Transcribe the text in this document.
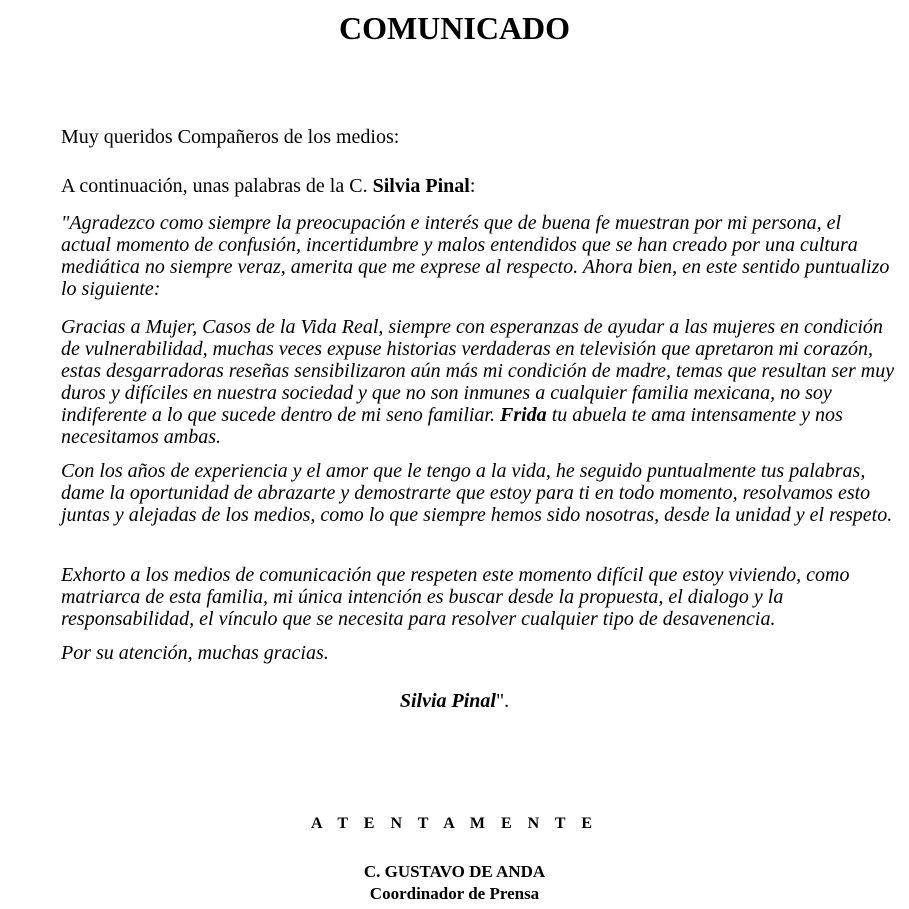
COMUNICADO

Muy queridos Compañeros de los medios:

A continuación, unas palabras de la C. Silvia Pinal:

"Agradezco como siempre la preocupación e interés que de buena fe muestran por mi persona, el actual momento de confusión, incertidumbre y malos entendidos que se han creado por una cultura mediática no siempre veraz, amerita que me exprese al respecto. Ahora bien, en este sentido puntualizo lo siguiente:

Gracias a Mujer, Casos de la Vida Real, siempre con esperanzas de ayudar a las mujeres en condición de vulnerabilidad, muchas veces expuse historias verdaderas en televisión que apretaron mi corazón, estas desgarradoras reseñas sensibilizaron aún más mi condición de madre, temas que resultan ser muy duros y difíciles en nuestra sociedad y que no son inmunes a cualquier familia mexicana, no soy indiferente a lo que sucede dentro de mi seno familiar. Frida tu abuela te ama intensamente y nos necesitamos ambas.

Con los años de experiencia y el amor que le tengo a la vida, he seguido puntualmente tus palabras, dame la oportunidad de abrazarte y demostrarte que estoy para ti en todo momento, resolvamos esto juntas y alejadas de los medios, como lo que siempre hemos sido nosotras, desde la unidad y el respeto.

Exhorto a los medios de comunicación que respeten este momento difícil que estoy viviendo, como matriarca de esta familia, mi única intención es buscar desde la propuesta, el dialogo y la responsabilidad, el vínculo que se necesita para resolver cualquier tipo de desavenencia.

Por su atención, muchas gracias.

Silvia Pinal".

A T E N T A M E N T E

C. GUSTAVO DE ANDA
Coordinador de Prensa
